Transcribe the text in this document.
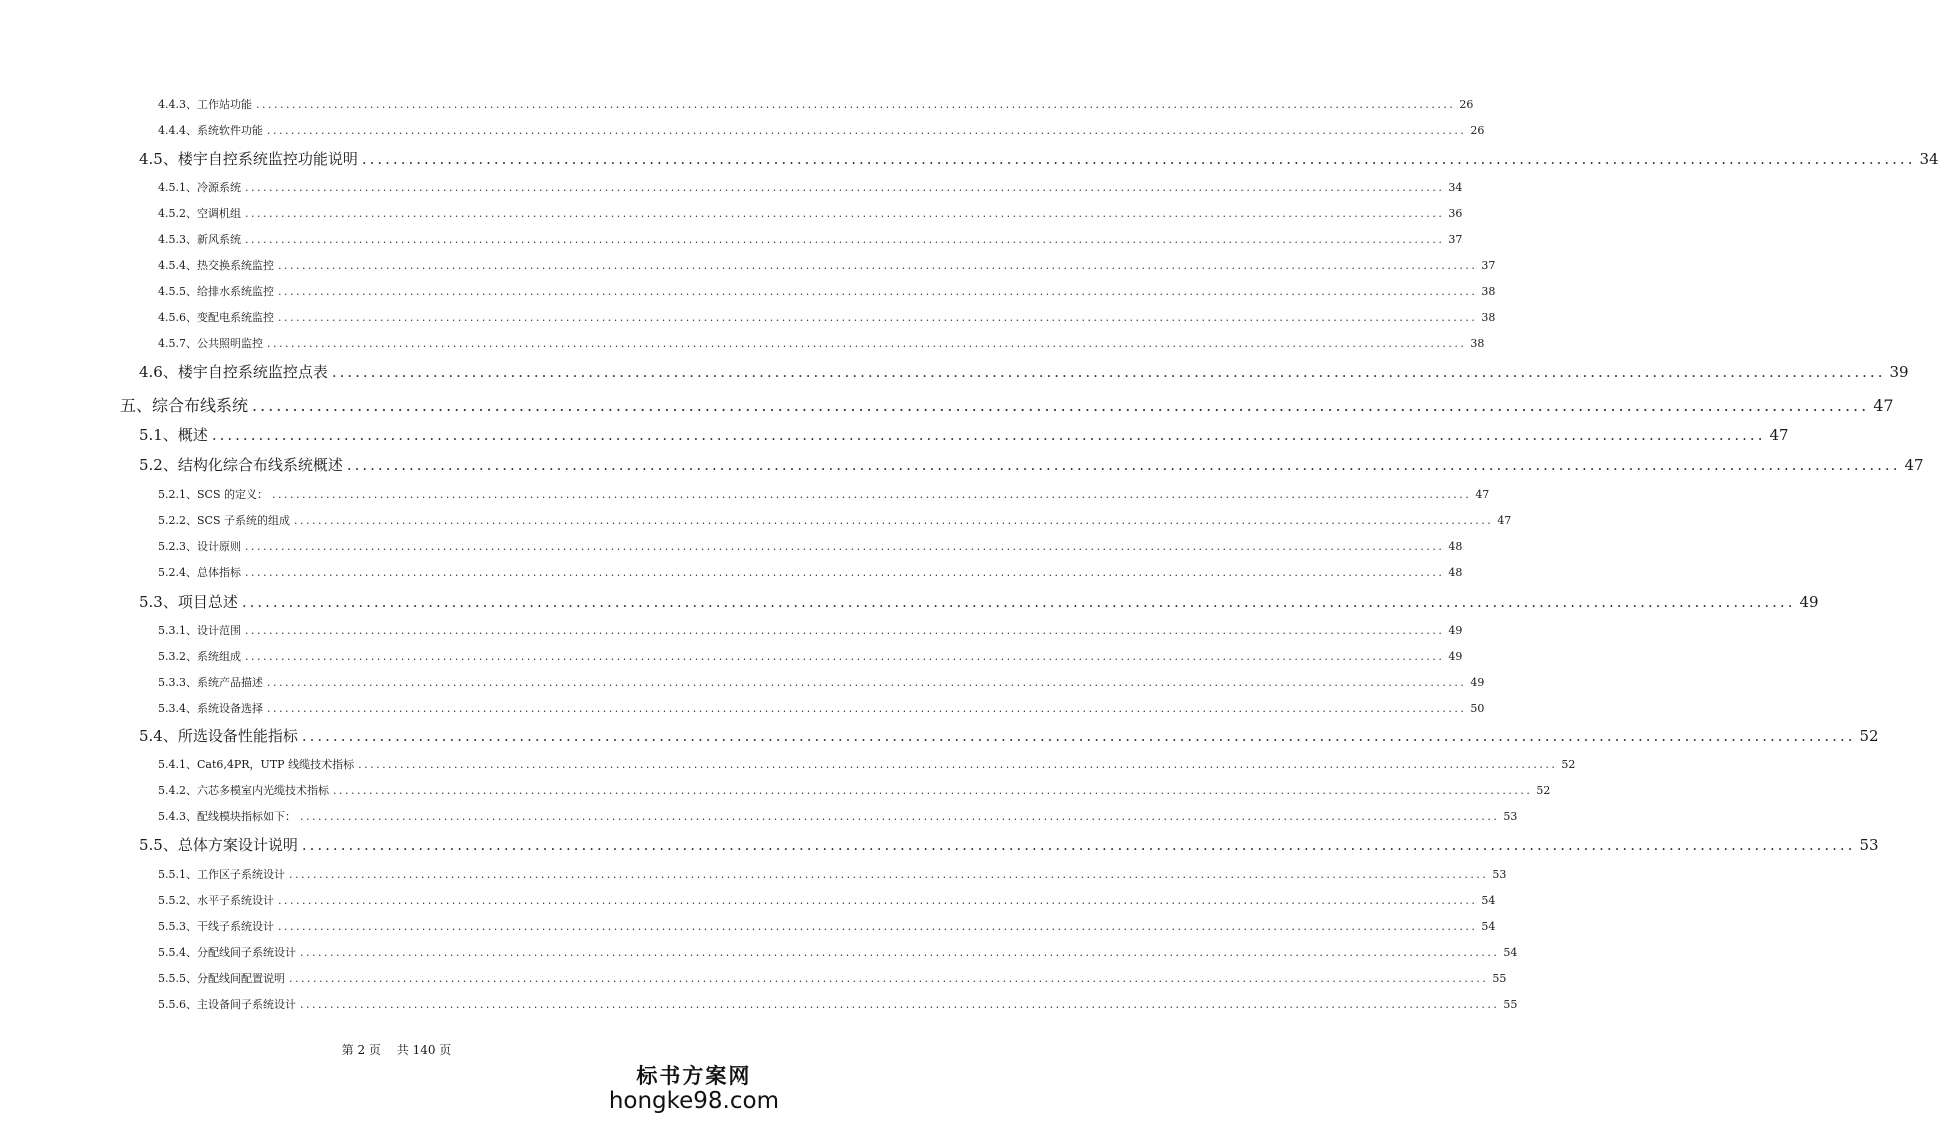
4.4.3、工作站功能 ........................................................................................................................................................................................................ 26
4.4.4、系统软件功能 ........................................................................................................................................................................................................ 26
4.5、楼宇自控系统监控功能说明 ........................................................................................................................................................................................................ 34
4.5.1、冷源系统 ........................................................................................................................................................................................................ 34
4.5.2、空调机组 ........................................................................................................................................................................................................ 36
4.5.3、新风系统 ........................................................................................................................................................................................................ 37
4.5.4、热交换系统监控 ........................................................................................................................................................................................................ 37
4.5.5、给排水系统监控 ........................................................................................................................................................................................................ 38
4.5.6、变配电系统监控 ........................................................................................................................................................................................................ 38
4.5.7、公共照明监控 ........................................................................................................................................................................................................ 38
4.6、楼宇自控系统监控点表 ........................................................................................................................................................................................................ 39
五、综合布线系统 ........................................................................................................................................................................................................ 47
5.1、概述 ........................................................................................................................................................................................................ 47
5.2、结构化综合布线系统概述 ........................................................................................................................................................................................................ 47
5.2.1、SCS 的定义： ........................................................................................................................................................................................................ 47
5.2.2、SCS 子系统的组成 ........................................................................................................................................................................................................ 47
5.2.3、设计原则 ........................................................................................................................................................................................................ 48
5.2.4、总体指标 ........................................................................................................................................................................................................ 48
5.3、项目总述 ........................................................................................................................................................................................................ 49
5.3.1、设计范围 ........................................................................................................................................................................................................ 49
5.3.2、系统组成 ........................................................................................................................................................................................................ 49
5.3.3、系统产品描述 ........................................................................................................................................................................................................ 49
5.3.4、系统设备选择 ........................................................................................................................................................................................................ 50
5.4、所选设备性能指标 ........................................................................................................................................................................................................ 52
5.4.1、Cat6,4PR，UTP 线缆技术指标 ........................................................................................................................................................................................................ 52
5.4.2、六芯多模室内光缆技术指标 ........................................................................................................................................................................................................ 52
5.4.3、配线模块指标如下： ........................................................................................................................................................................................................ 53
5.5、总体方案设计说明 ........................................................................................................................................................................................................ 53
5.5.1、工作区子系统设计 ........................................................................................................................................................................................................ 53
5.5.2、水平子系统设计 ........................................................................................................................................................................................................ 54
5.5.3、干线子系统设计 ........................................................................................................................................................................................................ 54
5.5.4、分配线间子系统设计 ........................................................................................................................................................................................................ 54
5.5.5、分配线间配置说明 ........................................................................................................................................................................................................ 55
5.5.6、主设备间子系统设计 ........................................................................................................................................................................................................ 55
第 2 页 共 140 页
标书方案网
hongke98.com
